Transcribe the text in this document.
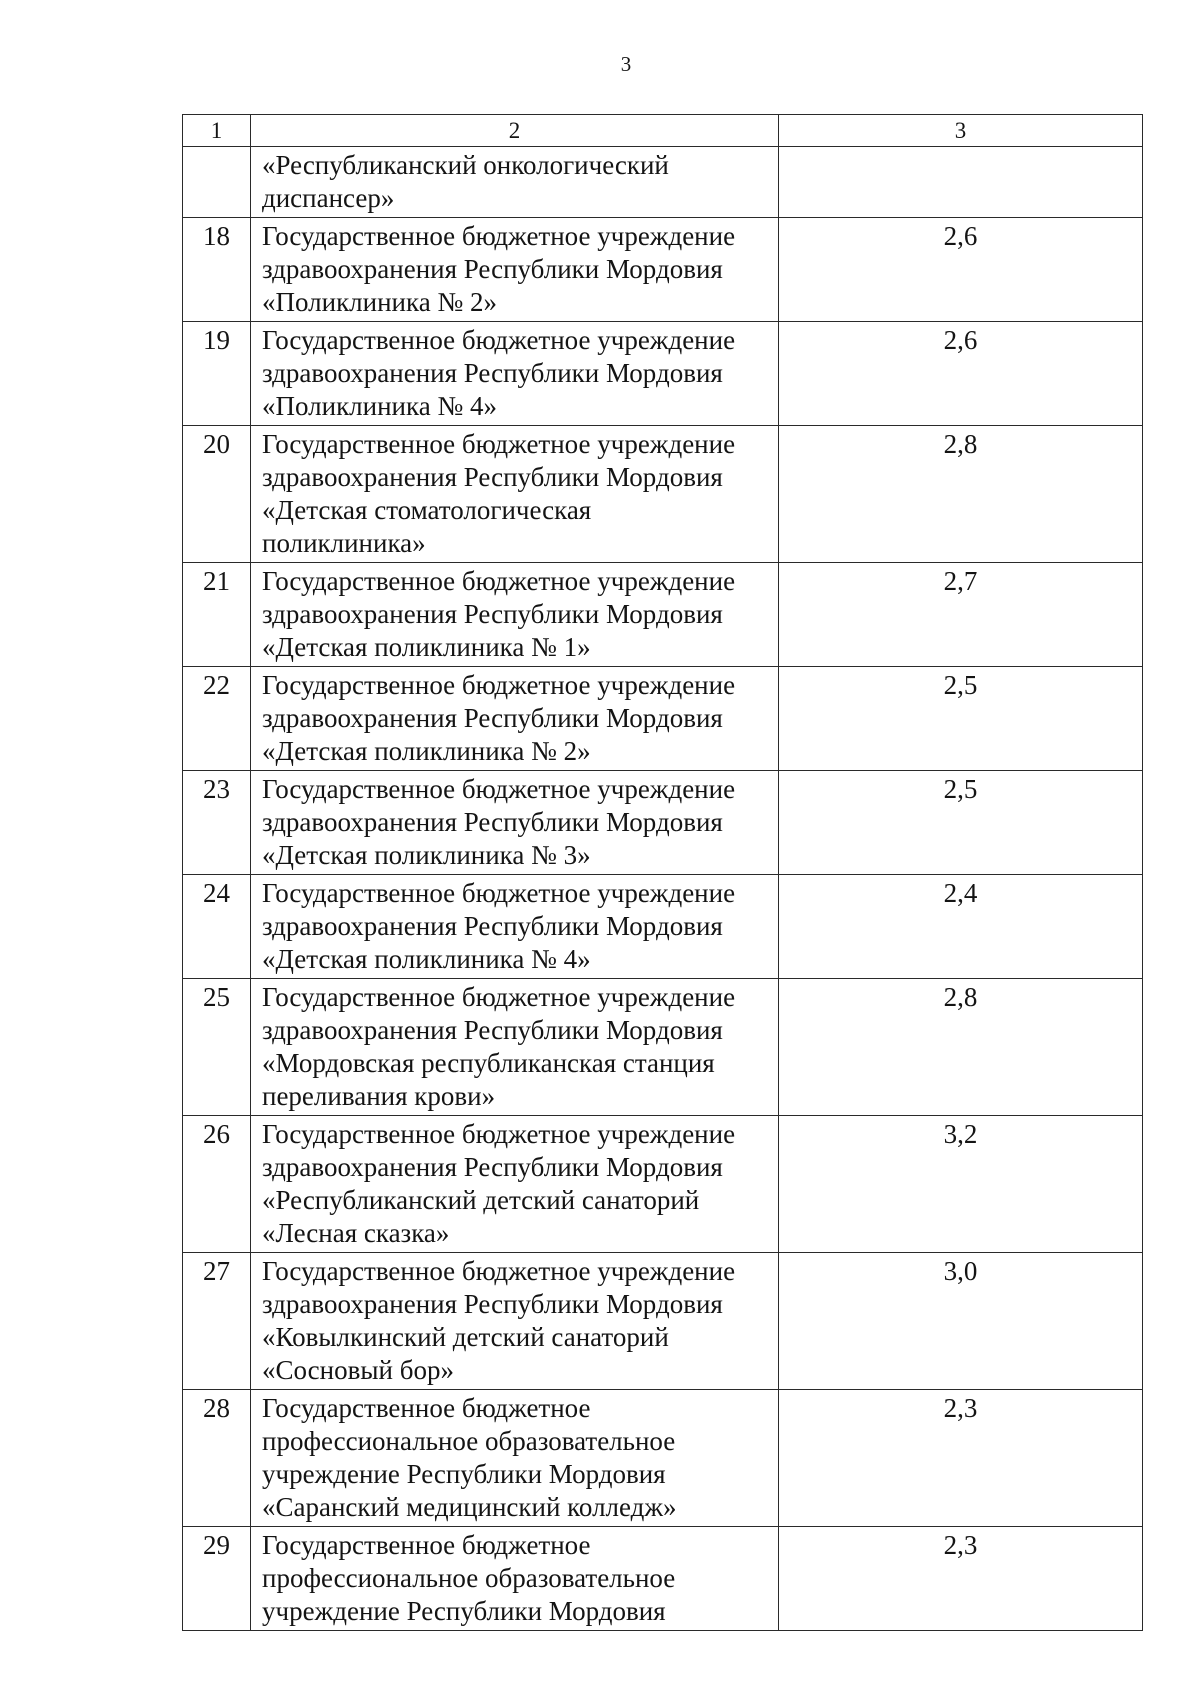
3
1	2	3

	«Республиканский онкологический
диспансер»	

18	Государственное бюджетное учреждение
здравоохранения Республики Мордовия
«Поликлиника № 2»	2,6
19	Государственное бюджетное учреждение
здравоохранения Республики Мордовия
«Поликлиника № 4»	2,6
20	Государственное бюджетное учреждение
здравоохранения Республики Мордовия
«Детская стоматологическая
поликлиника»	2,8
21	Государственное бюджетное учреждение
здравоохранения Республики Мордовия
«Детская поликлиника № 1»	2,7
22	Государственное бюджетное учреждение
здравоохранения Республики Мордовия
«Детская поликлиника № 2»	2,5
23	Государственное бюджетное учреждение
здравоохранения Республики Мордовия
«Детская поликлиника № 3»	2,5
24	Государственное бюджетное учреждение
здравоохранения Республики Мордовия
«Детская поликлиника № 4»	2,4
25	Государственное бюджетное учреждение
здравоохранения Республики Мордовия
«Мордовская республиканская станция
переливания крови»	2,8
26	Государственное бюджетное учреждение
здравоохранения Республики Мордовия
«Республиканский детский санаторий
«Лесная сказка»	3,2
27	Государственное бюджетное учреждение
здравоохранения Республики Мордовия
«Ковылкинский детский санаторий
«Сосновый бор»	3,0
28	Государственное бюджетное
профессиональное образовательное
учреждение Республики Мордовия
«Саранский медицинский колледж»	2,3
29	Государственное бюджетное
профессиональное образовательное
учреждение Республики Мордовия	2,3
